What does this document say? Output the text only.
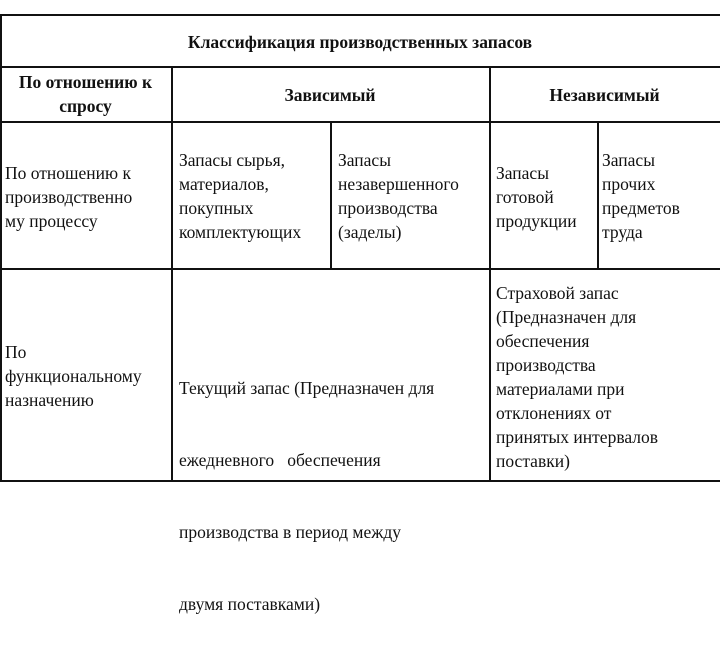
Классификация производственных запасов
По отношению к
спросу
Зависимый	Независимый
По отношению к
производственно
му процессу
Запасы сырья,
материалов,
покупных
комплектующих
Запасы
незавершенного
производства
(заделы)
Запасы
готовой
продукции
Запасы
прочих
предметов
труда
По
функциональному
назначению

Текущий запас (Предназначен для

ежедневного   обеспечения

производства в период между

двумя поставками)

Страховой запас
(Предназначен для
обеспечения
производства
материалами при
отклонениях от
принятых интервалов
поставки)
